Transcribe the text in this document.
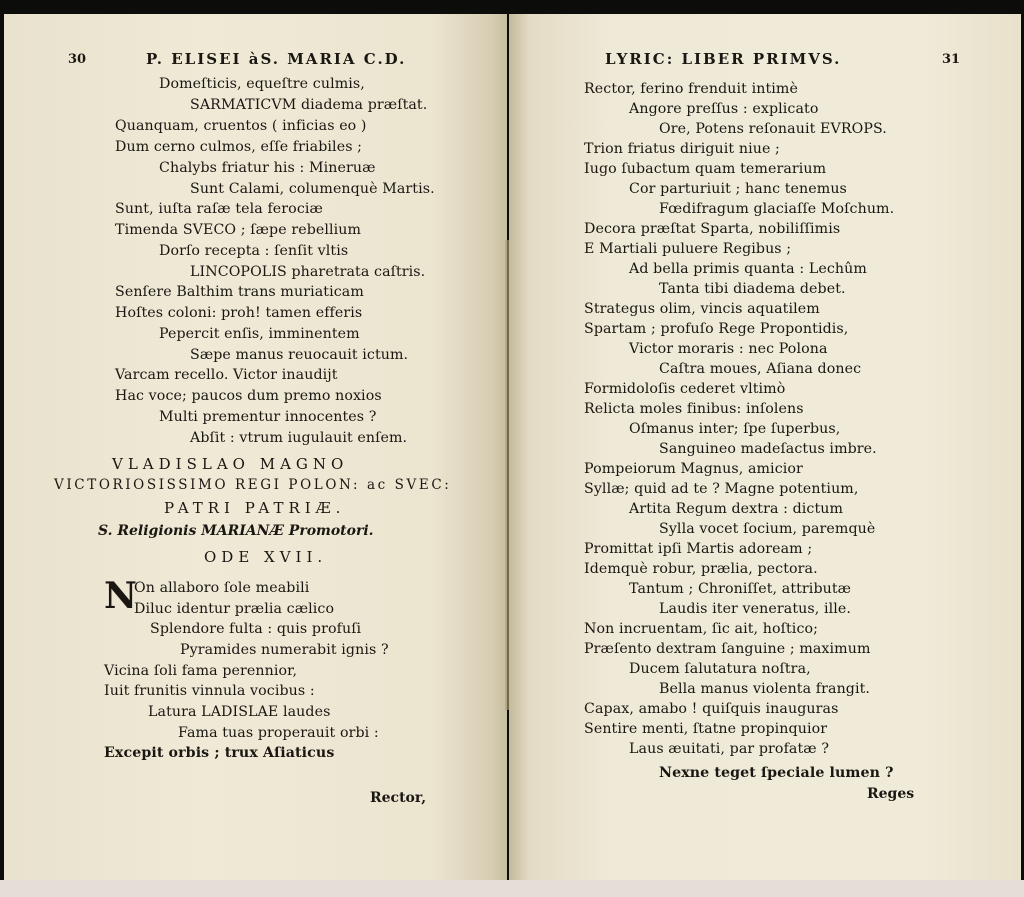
30	P. ELISEI àS. MARIA C.D.
Domeſticis, equeſtre culmis,
SARMATICVM diadema præſtat.
Quanquam, cruentos ( inficias eo )
Dum cerno culmos, eſſe friabiles ;
Chalybs friatur his : Mineruæ
Sunt Calami, columenquè Martis.
Sunt, iuſta raſæ tela ferociæ
Timenda SVECO ; ſæpe rebellium
Dorſo recepta : ſenſit vltis
LINCOPOLIS pharetrata caſtris.
Senſere Balthim trans muriaticam
Hoſtes coloni: proh! tamen efferis
Pepercit enſis, imminentem
Sæpe manus reuocauit ictum.
Varcam recello. Victor inaudijt
Hac voce; paucos dum premo noxios
Multi prementur innocentes ?
Abſit : vtrum iugulauit enſem.
VLADISLAO MAGNO
VICTORIOSISSIMO REGI POLON: ac SVEC:
PATRI PATRIÆ.
S. Religionis MARIANÆ Promotori.
ODE XVII.
N
On allaboro ſole meabili
Diluc identur prælia cælico
Splendore fulta : quis profuſi
Pyramides numerabit ignis ?
Vicina ſoli fama perennior,
Iuit frunitis vinnula vocibus :
Latura LADISLAE laudes
Fama tuas properauit orbi :
Excepit orbis ; trux Aſiaticus
Rector,
LYRIC: LIBER PRIMVS.	31
Rector, ferino frenduit intimè
Angore preſſus : explicato
Ore, Potens reſonauit EVROPS.
Trion friatus diriguit niue ;
Iugo ſubactum quam temerarium
Cor parturiuit ; hanc tenemus
Fœdifragum glaciaſſe Moſchum.
Decora præſtat Sparta, nobiliſſimis
E Martiali puluere Regibus ;
Ad bella primis quanta : Lechûm
Tanta tibi diadema debet.
Strategus olim, vincis aquatilem
Spartam ; profuſo Rege Propontidis,
Victor moraris : nec Polona
Caſtra moues, Aſiana donec
Formidoloſis cederet vltimò
Relicta moles finibus: inſolens
Oſmanus inter; ſpe ſuperbus,
Sanguineo madeſactus imbre.
Pompeiorum Magnus, amicior
Syllæ; quid ad te ? Magne potentium,
Artita Regum dextra : dictum
Sylla vocet ſocium, paremquè
Promittat ipſi Martis adoream ;
Idemquè robur, prælia, pectora.
Tantum ; Chroniſſet, attributæ
Laudis iter veneratus, ille.
Non incruentam, ſic ait, hoſtico;
Præſento dextram ſanguine ; maximum
Ducem ſalutatura noſtra,
Bella manus violenta frangit.
Capax, amabo ! quiſquis inauguras
Sentire menti, ſtatne propinquior
Laus æuitati, par profatæ ?
Nexne teget ſpeciale lumen ?
Reges
